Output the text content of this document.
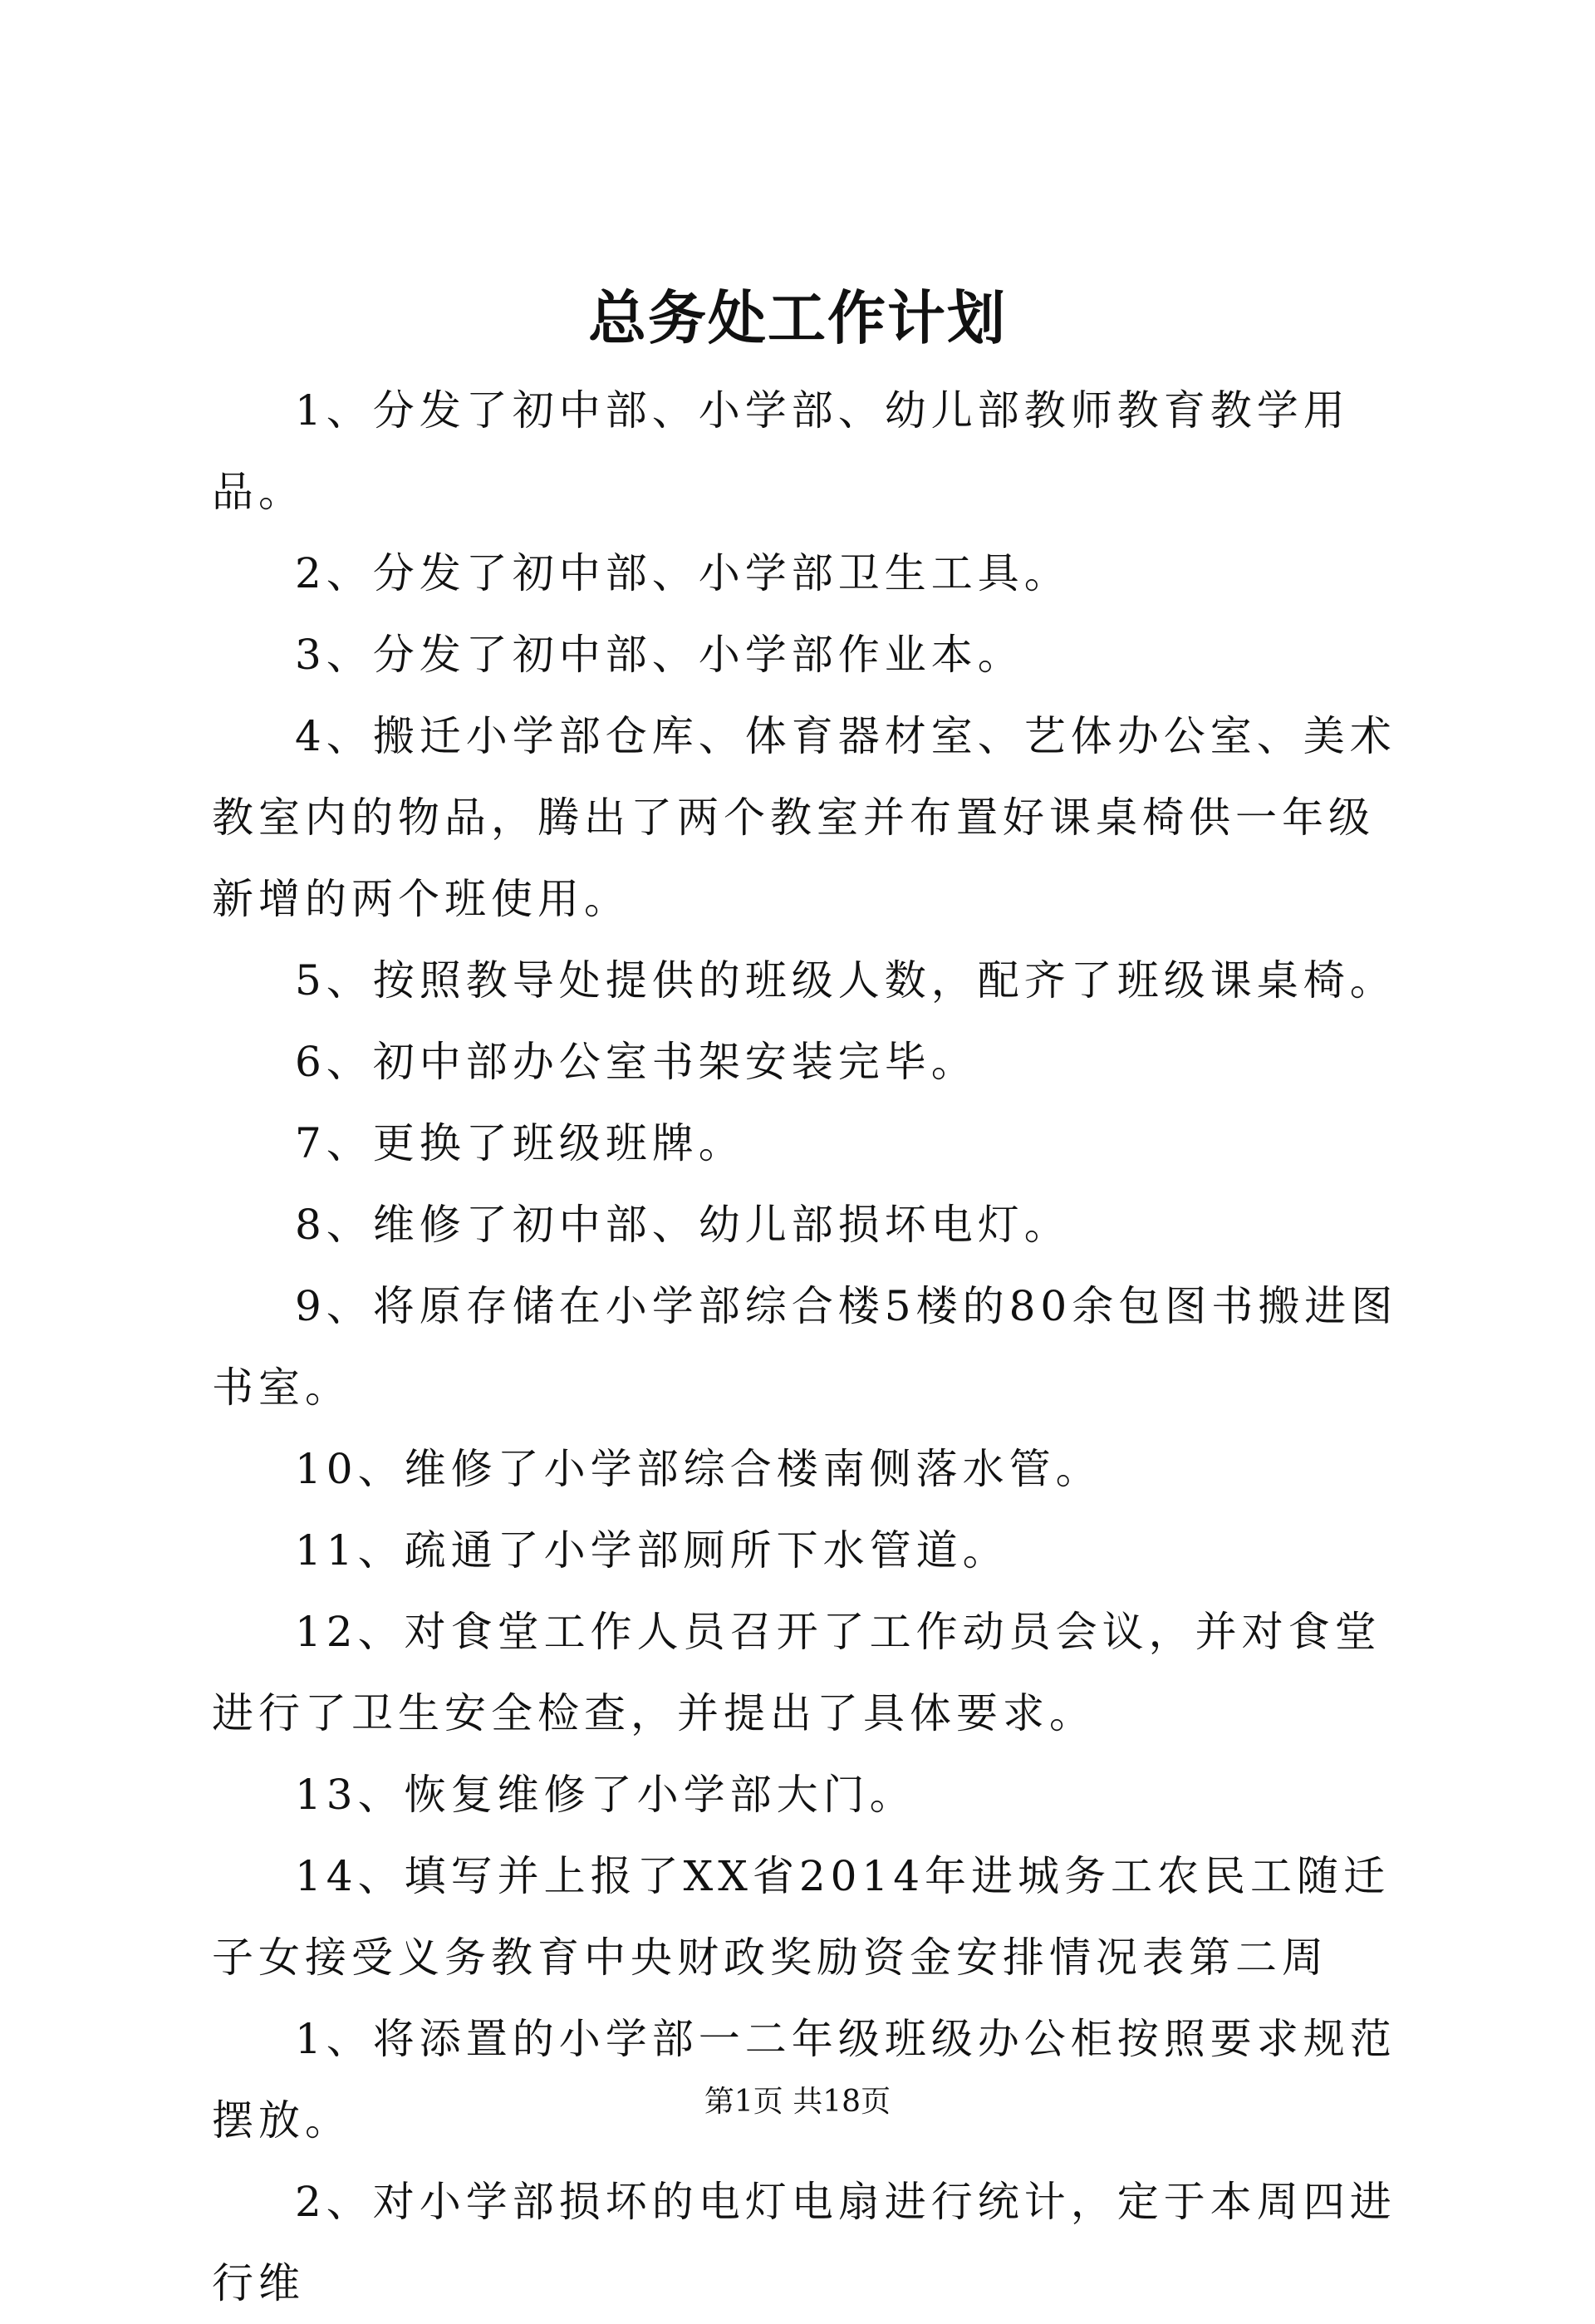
总务处工作计划

1、分发了初中部、小学部、幼儿部教师教育教学用品。

2、分发了初中部、小学部卫生工具。

3、分发了初中部、小学部作业本。

4、搬迁小学部仓库、体育器材室、艺体办公室、美术教室内的物品，腾出了两个教室并布置好课桌椅供一年级新增的两个班使用。

5、按照教导处提供的班级人数，配齐了班级课桌椅。

6、初中部办公室书架安装完毕。

7、更换了班级班牌。

8、维修了初中部、幼儿部损坏电灯。

9、将原存储在小学部综合楼5楼的80余包图书搬进图书室。

10、维修了小学部综合楼南侧落水管。

11、疏通了小学部厕所下水管道。

12、对食堂工作人员召开了工作动员会议，并对食堂进行了卫生安全检查，并提出了具体要求。

13、恢复维修了小学部大门。

14、填写并上报了XX省2014年进城务工农民工随迁子女接受义务教育中央财政奖励资金安排情况表第二周

1、将添置的小学部一二年级班级办公柜按照要求规范摆放。

2、对小学部损坏的电灯电扇进行统计，定于本周四进行维

第1页 共18页
